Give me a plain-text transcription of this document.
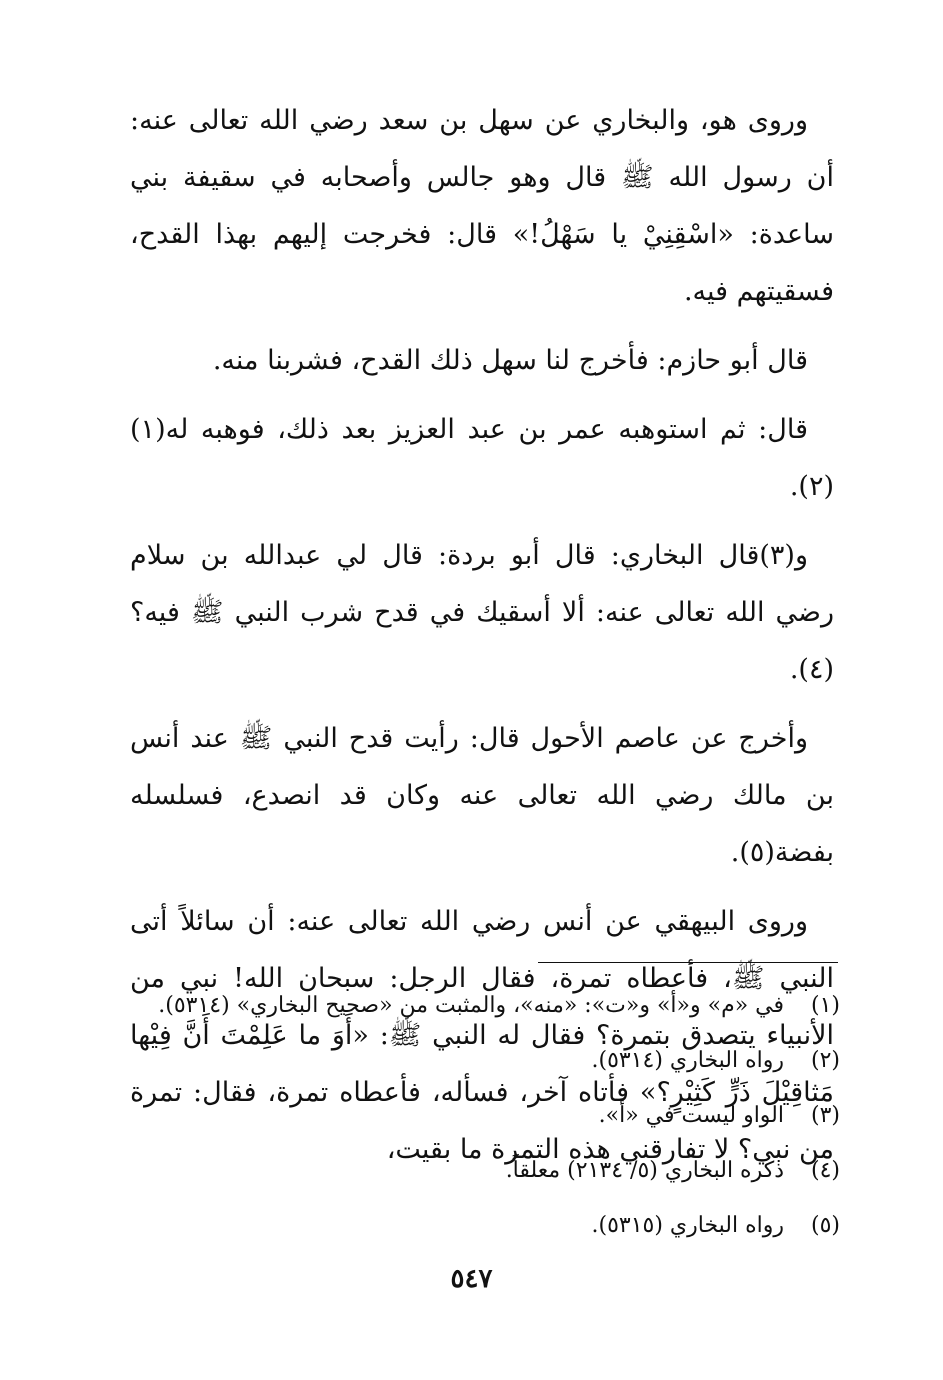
وروى هو، والبخاري عن سهل بن سعد رضي الله تعالى عنه: أن رسول الله ﷺ قال وهو جالس وأصحابه في سقيفة بني ساعدة: «اسْقِنِيْ يا سَهْلُ!» قال: فخرجت إليهم بهذا القدح، فسقيتهم فيه.

قال أبو حازم: فأخرج لنا سهل ذلك القدح، فشربنا منه.

قال: ثم استوهبه عمر بن عبد العزيز بعد ذلك، فوهبه له(١)(٢).

و(٣)قال البخاري: قال أبو بردة: قال لي عبدالله بن سلام رضي الله تعالى عنه: ألا أسقيك في قدح شرب النبي ﷺ فيه؟(٤).

وأخرج عن عاصم الأحول قال: رأيت قدح النبي ﷺ عند أنس بن مالك رضي الله تعالى عنه وكان قد انصدع، فسلسله بفضة(٥).

وروى البيهقي عن أنس رضي الله تعالى عنه: أن سائلاً أتى النبي ﷺ، فأعطاه تمرة، فقال الرجل: سبحان الله! نبي من الأنبياء يتصدق بتمرة؟ فقال له النبي ﷺ: «أَوَ ما عَلِمْتَ أَنَّ فِيْها مَثاقِيْلَ ذَرٍّ كَثِيْرٍ؟» فأتاه آخر، فسأله، فأعطاه تمرة، فقال: تمرة من نبي؟ لا تفارقني هذه التمرة ما بقيت،

(١)
في «م» و«أ» و«ت»: «منه»، والمثبت من «صحيح البخاري» (٥٣١٤).
(٢)
رواه البخاري (٥٣١٤).
(٣)
الواو ليست في «أ».
(٤)
ذكره البخاري (٥/ ٢١٣٤) معلقاً.
(٥)
رواه البخاري (٥٣١٥).
٥٤٧
